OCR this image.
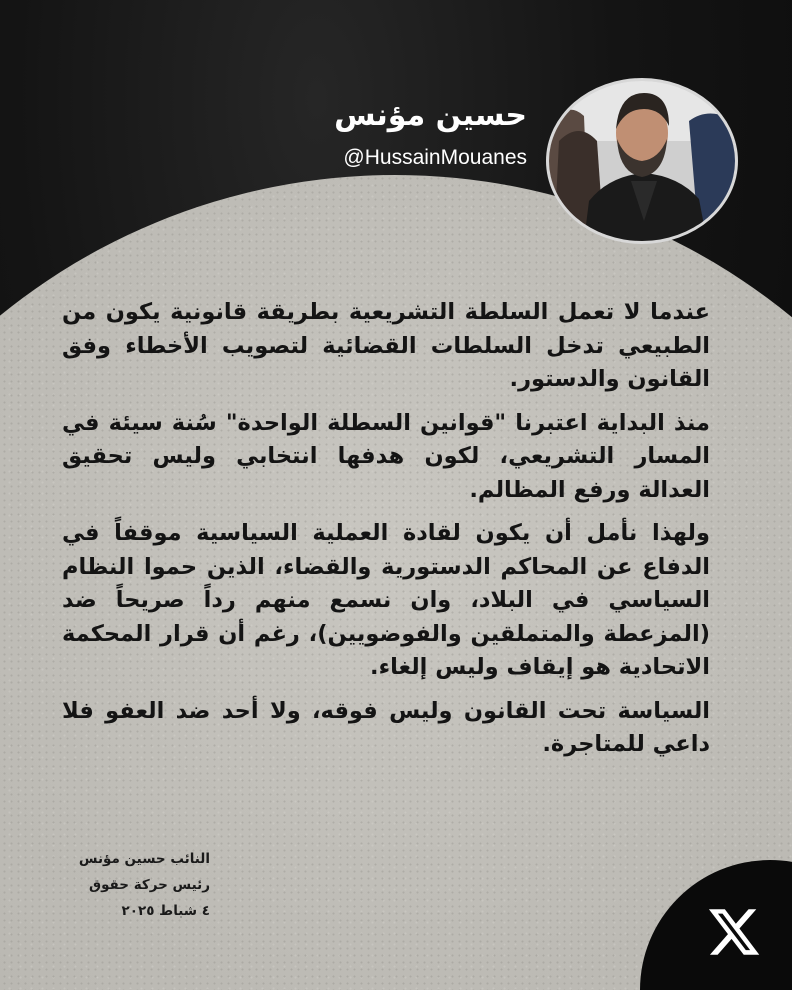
حسين مؤنس
@HussainMouanes

عندما لا تعمل السلطة التشريعية بطريقة قانونية يكون من الطبيعي تدخل السلطات القضائية لتصويب الأخطاء وفق القانون والدستور.

منذ البداية اعتبرنا "قوانين السطلة الواحدة" سُنة سيئة في المسار التشريعي، لكون هدفها انتخابي وليس تحقيق العدالة ورفع المظالم.

ولهذا نأمل أن يكون لقادة العملية السياسية موقفاً في الدفاع عن المحاكم الدستورية والقضاء، الذين حموا النظام السياسي في البلاد، وان نسمع منهم رداً صريحاً ضد (المزعطة والمتملقين والفوضويين)، رغم أن قرار المحكمة الاتحادية هو إيقاف وليس إلغاء.

السياسة تحت القانون وليس فوقه، ولا أحد ضد العفو فلا داعي للمتاجرة.

النائب حسين مؤنس
رئيس حركة حقوق
٤ شباط ٢٠٢٥
